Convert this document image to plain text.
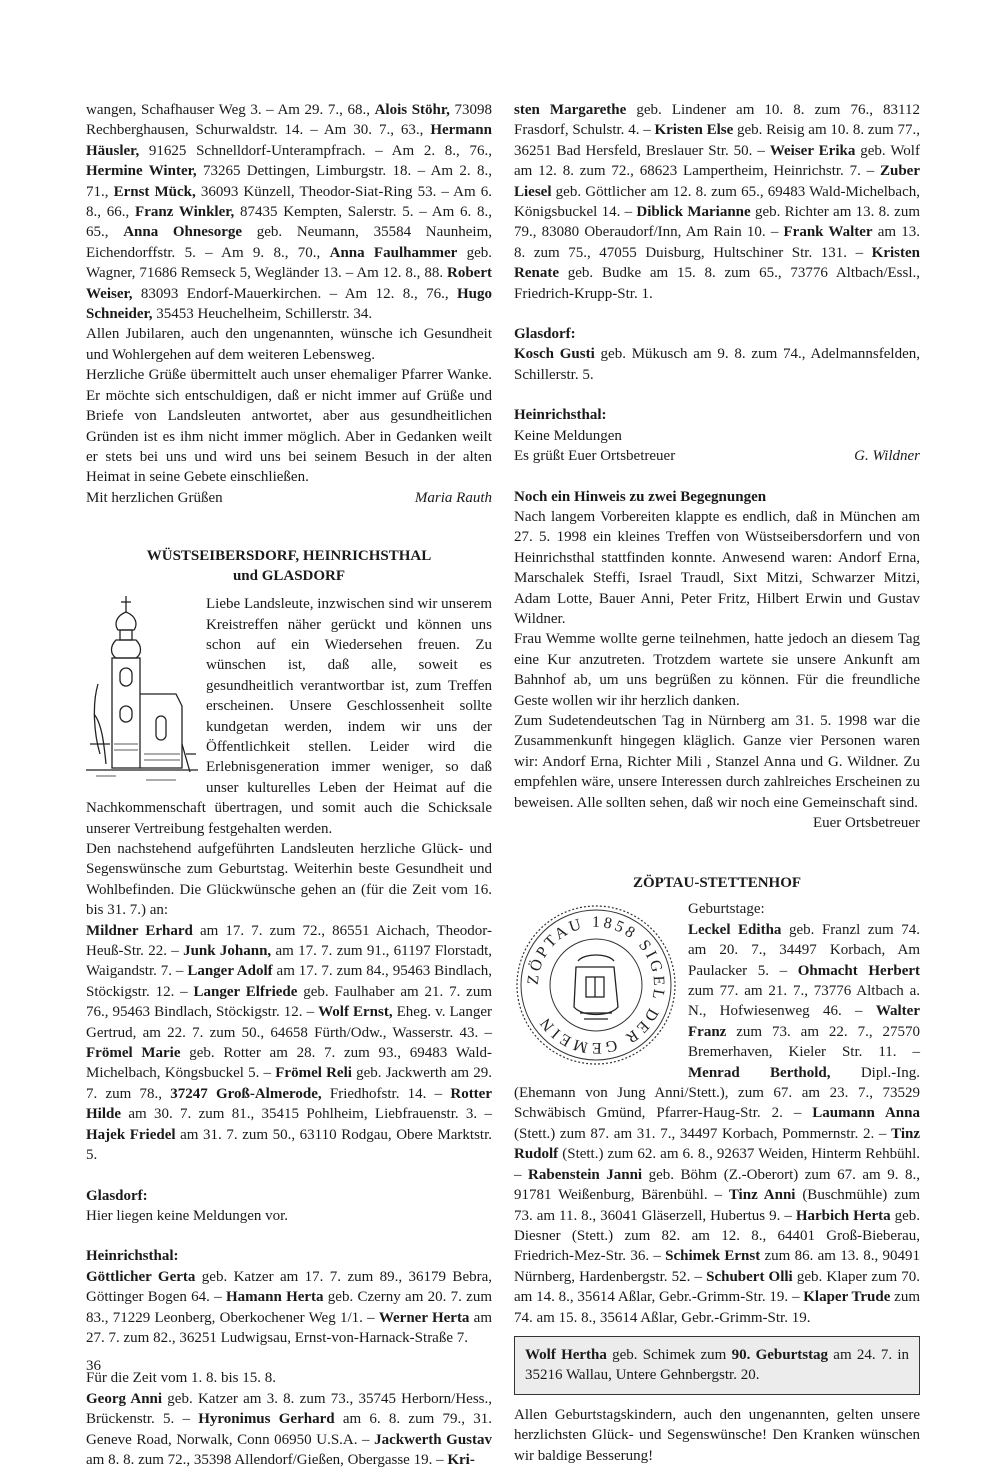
wangen, Schafhauser Weg 3. – Am 29. 7., 68., Alois Stöhr, 73098 Rechberghausen, Schurwaldstr. 14. – Am 30. 7., 63., Hermann Häusler, 91625 Schnelldorf-Unterampfrach. – Am 2. 8., 76., Hermine Winter, 73265 Dettingen, Limburgstr. 18. – Am 2. 8., 71., Ernst Mück, 36093 Künzell, Theodor-Siat-Ring 53. – Am 6. 8., 66., Franz Winkler, 87435 Kempten, Salerstr. 5. – Am 6. 8., 65., Anna Ohnesorge geb. Neumann, 35584 Naunheim, Eichendorffstr. 5. – Am 9. 8., 70., Anna Faulhammer geb. Wagner, 71686 Remseck 5, Wegländer 13. – Am 12. 8., 88. Robert Weiser, 83093 Endorf-Mauerkirchen. – Am 12. 8., 76., Hugo Schneider, 35453 Heuchelheim, Schillerstr. 34.

Allen Jubilaren, auch den ungenannten, wünsche ich Gesundheit und Wohlergehen auf dem weiteren Lebensweg.

Herzliche Grüße übermittelt auch unser ehemaliger Pfarrer Wanke. Er möchte sich entschuldigen, daß er nicht immer auf Grüße und Briefe von Landsleuten antwortet, aber aus gesundheitlichen Gründen ist es ihm nicht immer möglich. Aber in Gedanken weilt er stets bei uns und wird uns bei seinem Besuch in der alten Heimat in seine Gebete einschließen.

Mit herzlichen Grüßen	Maria Rauth
WÜSTSEIBERSDORF, HEINRICHSTHAL
und GLASDORF

Liebe Landsleute, inzwischen sind wir unserem Kreistreffen näher gerückt und können uns schon auf ein Wiedersehen freuen. Zu wünschen ist, daß alle, soweit es gesundheitlich verantwortbar ist, zum Treffen erscheinen. Unsere Geschlossenheit sollte kundgetan werden, indem wir uns der Öffentlichkeit stellen. Leider wird die Erlebnisgeneration immer weniger, so daß unser kulturelles Leben der Heimat auf die Nachkommenschaft übertragen, und somit auch die Schicksale unserer Vertreibung festgehalten werden.

Den nachstehend aufgeführten Landsleuten herzliche Glück- und Segenswünsche zum Geburtstag. Weiterhin beste Gesundheit und Wohlbefinden. Die Glückwünsche gehen an (für die Zeit vom 16. bis 31. 7.) an:

Mildner Erhard am 17. 7. zum 72., 86551 Aichach, Theodor-Heuß-Str. 22. – Junk Johann, am 17. 7. zum 91., 61197 Florstadt, Waigandstr. 7. – Langer Adolf am 17. 7. zum 84., 95463 Bindlach, Stöckigstr. 12. – Langer Elfriede geb. Faulhaber am 21. 7. zum 76., 95463 Bindlach, Stöckigstr. 12. – Wolf Ernst, Eheg. v. Langer Gertrud, am 22. 7. zum 50., 64658 Fürth/Odw., Wasserstr. 43. – Frömel Marie geb. Rotter am 28. 7. zum 93., 69483 Wald-Michelbach, Köngsbuckel 5. – Frömel Reli geb. Jackwerth am 29. 7. zum 78., 37247 Groß-Almerode, Friedhofstr. 14. – Rotter Hilde am 30. 7. zum 81., 35415 Pohlheim, Liebfrauenstr. 3. – Hajek Friedel am 31. 7. zum 50., 63110 Rodgau, Obere Marktstr. 5.

Glasdorf:

Hier liegen keine Meldungen vor.

Heinrichsthal:

Göttlicher Gerta geb. Katzer am 17. 7. zum 89., 36179 Bebra, Göttinger Bogen 64. – Hamann Herta geb. Czerny am 20. 7. zum 83., 71229 Leonberg, Oberkochener Weg 1/1. – Werner Herta am 27. 7. zum 82., 36251 Ludwigsau, Ernst-von-Harnack-Straße 7.

Für die Zeit vom 1. 8. bis 15. 8.

Georg Anni geb. Katzer am 3. 8. zum 73., 35745 Herborn/Hess., Brückenstr. 5. – Hyronimus Gerhard am 6. 8. zum 79., 31. Geneve Road, Norwalk, Conn 06950 U.S.A. – Jackwerth Gustav am 8. 8. zum 72., 35398 Allendorf/Gießen, Obergasse 19. – Kri-

sten Margarethe geb. Lindener am 10. 8. zum 76., 83112 Frasdorf, Schulstr. 4. – Kristen Else geb. Reisig am 10. 8. zum 77., 36251 Bad Hersfeld, Breslauer Str. 50. – Weiser Erika geb. Wolf am 12. 8. zum 72., 68623 Lampertheim, Heinrichstr. 7. – Zuber Liesel geb. Göttlicher am 12. 8. zum 65., 69483 Wald-Michelbach, Königsbuckel 14. – Diblick Marianne geb. Richter am 13. 8. zum 79., 83080 Oberaudorf/Inn, Am Rain 10. – Frank Walter am 13. 8. zum 75., 47055 Duisburg, Hultschiner Str. 131. – Kristen Renate geb. Budke am 15. 8. zum 65., 73776 Altbach/Essl., Friedrich-Krupp-Str. 1.

Glasdorf:

Kosch Gusti geb. Mükusch am 9. 8. zum 74., Adelmannsfelden, Schillerstr. 5.

Heinrichsthal:

Keine Meldungen

Es grüßt Euer Ortsbetreuer	G. Wildner

Noch ein Hinweis zu zwei Begegnungen

Nach langem Vorbereiten klappte es endlich, daß in München am 27. 5. 1998 ein kleines Treffen von Wüstseibersdorfern und von Heinrichsthal stattfinden konnte. Anwesend waren: Andorf Erna, Marschalek Steffi, Israel Traudl, Sixt Mitzi, Schwarzer Mitzi, Adam Lotte, Bauer Anni, Peter Fritz, Hilbert Erwin und Gustav Wildner.

Frau Wemme wollte gerne teilnehmen, hatte jedoch an diesem Tag eine Kur anzutreten. Trotzdem wartete sie unsere Ankunft am Bahnhof ab, um uns begrüßen zu können. Für die freundliche Geste wollen wir ihr herzlich danken.

Zum Sudetendeutschen Tag in Nürnberg am 31. 5. 1998 war die Zusammenkunft hingegen kläglich. Ganze vier Personen waren wir: Andorf Erna, Richter Mili , Stanzel Anna und G. Wildner. Zu empfehlen wäre, unsere Interessen durch zahlreiches Erscheinen zu beweisen. Alle sollten sehen, daß wir noch eine Gemeinschaft sind.

Euer Ortsbetreuer
ZÖPTAU-STETTENHOF
ZÖPTAU 1858 SIGEL DER GEMEIN

Geburtstage:

Leckel Editha geb. Franzl zum 74. am 20. 7., 34497 Korbach, Am Paulacker 5. – Ohmacht Herbert zum 77. am 21. 7., 73776 Altbach a. N., Hofwiesenweg 46. – Walter Franz zum 73. am 22. 7., 27570 Bremerhaven, Kieler Str. 11. – Menrad Berthold, Dipl.-Ing. (Ehemann von Jung Anni/Stett.), zum 67. am 23. 7., 73529 Schwäbisch Gmünd, Pfarrer-Haug-Str. 2. – Laumann Anna (Stett.) zum 87. am 31. 7., 34497 Korbach, Pommernstr. 2. – Tinz Rudolf (Stett.) zum 62. am 6. 8., 92637 Weiden, Hinterm Rehbühl. – Rabenstein Janni geb. Böhm (Z.-Oberort) zum 67. am 9. 8., 91781 Weißenburg, Bärenbühl. – Tinz Anni (Buschmühle) zum 73. am 11. 8., 36041 Gläserzell, Hubertus 9. – Harbich Herta geb. Diesner (Stett.) zum 82. am 12. 8., 64401 Groß-Bieberau, Friedrich-Mez-Str. 36. – Schimek Ernst zum 86. am 13. 8., 90491 Nürnberg, Hardenbergstr. 52. – Schubert Olli geb. Klaper zum 70. am 14. 8., 35614 Aßlar, Gebr.-Grimm-Str. 19. – Klaper Trude zum 74. am 15. 8., 35614 Aßlar, Gebr.-Grimm-Str. 19.

Wolf Hertha geb. Schimek zum 90. Geburtstag am 24. 7. in 35216 Wallau, Untere Gehnbergstr. 20.

Allen Geburtstagskindern, auch den ungenannten, gelten unsere herzlichsten Glück- und Segenswünsche! Den Kranken wünschen wir baldige Besserung!

36
